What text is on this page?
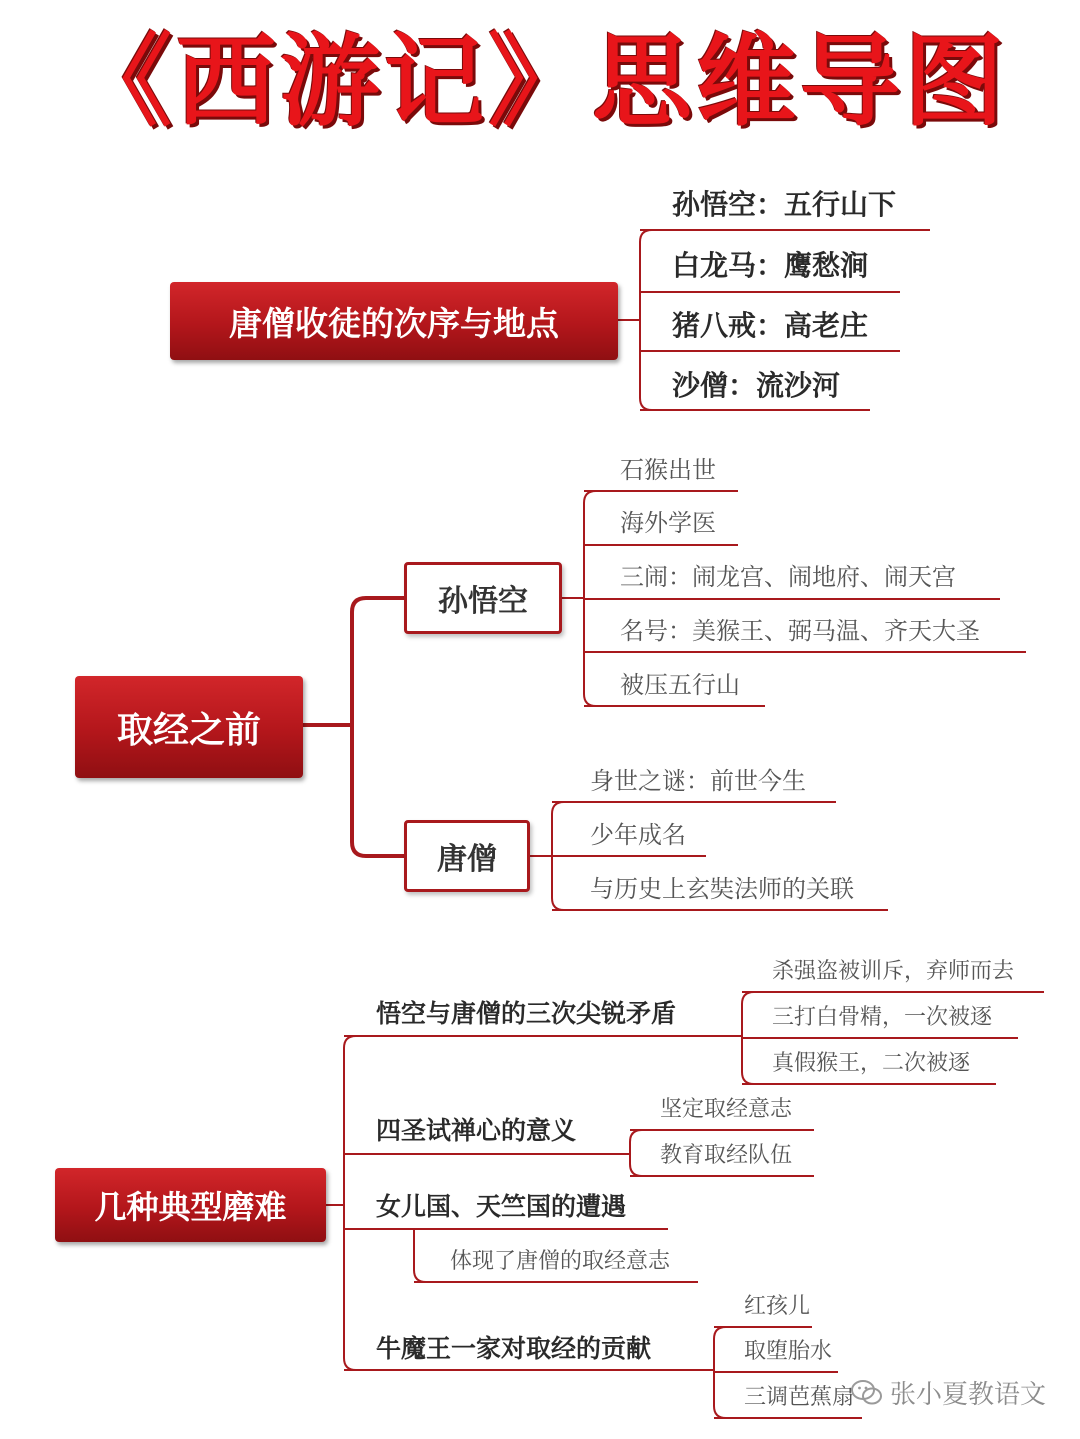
《西游记》思维导图
唐僧收徒的次序与地点
孙悟空：五行山下
白龙马：鹰愁涧
猪八戒：高老庄
沙僧：流沙河
取经之前
孙悟空
石猴出世
海外学医
三闹：闹龙宫、闹地府、闹天宫
名号：美猴王、弼马温、齐天大圣
被压五行山
唐僧
身世之谜：前世今生
少年成名
与历史上玄奘法师的关联
几种典型磨难
悟空与唐僧的三次尖锐矛盾
杀强盗被训斥，弃师而去
三打白骨精，一次被逐
真假猴王，二次被逐
四圣试禅心的意义
坚定取经意志
教育取经队伍
女儿国、天竺国的遭遇
体现了唐僧的取经意志
牛魔王一家对取经的贡献
红孩儿
取堕胎水
三调芭蕉扇 张小夏教语文
